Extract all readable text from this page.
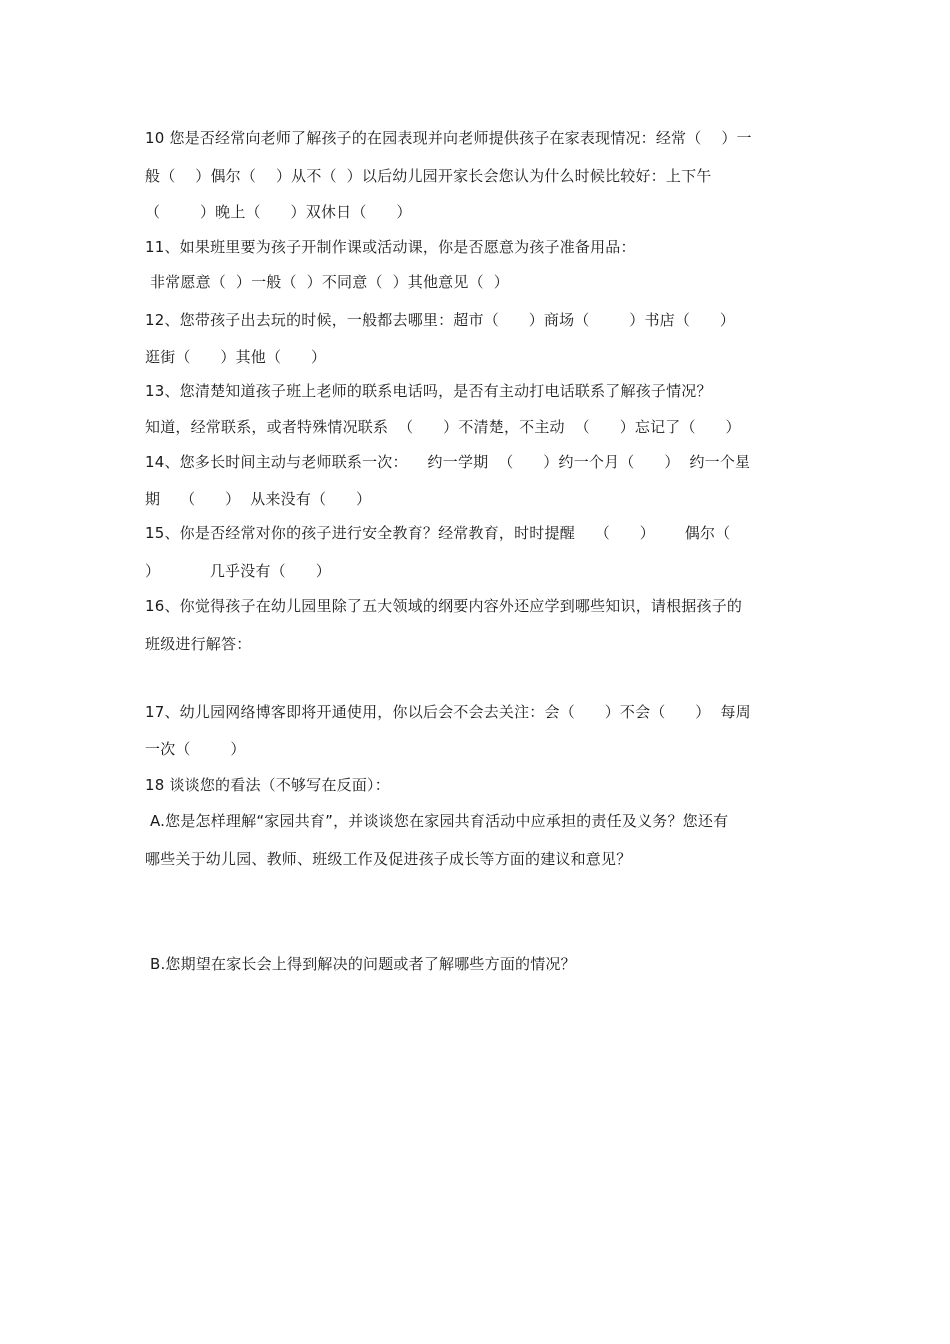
10 您是否经常向老师了解孩子的在园表现并向老师提供孩子在家表现情况：经常（    ）一
般（    ）偶尔（    ）从不（  ）以后幼儿园开家长会您认为什么时候比较好：上下午
（        ）晚上（      ）双休日（      ）
11、如果班里要为孩子开制作课或活动课，你是否愿意为孩子准备用品：
非常愿意（  ）一般（  ）不同意（  ）其他意见（  ）
12、您带孩子出去玩的时候，一般都去哪里：超市（      ）商场（        ）书店（      ）
逛街（      ）其他（      ）
13、您清楚知道孩子班上老师的联系电话吗，是否有主动打电话联系了解孩子情况？
知道，经常联系，或者特殊情况联系  （      ）不清楚，不主动  （      ）忘记了（      ）
14、您多长时间主动与老师联系一次：    约一学期  （      ）约一个月（      ）  约一个星
期    （      ）  从来没有（      ）
15、你是否经常对你的孩子进行安全教育？经常教育，时时提醒    （      ）      偶尔（
）          几乎没有（      ）
16、你觉得孩子在幼儿园里除了五大领域的纲要内容外还应学到哪些知识，请根据孩子的
班级进行解答：
17、幼儿园网络博客即将开通使用，你以后会不会去关注：会（      ）不会（      ）  每周
一次（        ）
18 谈谈您的看法（不够写在反面）：
A.您是怎样理解“家园共育”，并谈谈您在家园共育活动中应承担的责任及义务？您还有
哪些关于幼儿园、教师、班级工作及促进孩子成长等方面的建议和意见？
B.您期望在家长会上得到解决的问题或者了解哪些方面的情况？
